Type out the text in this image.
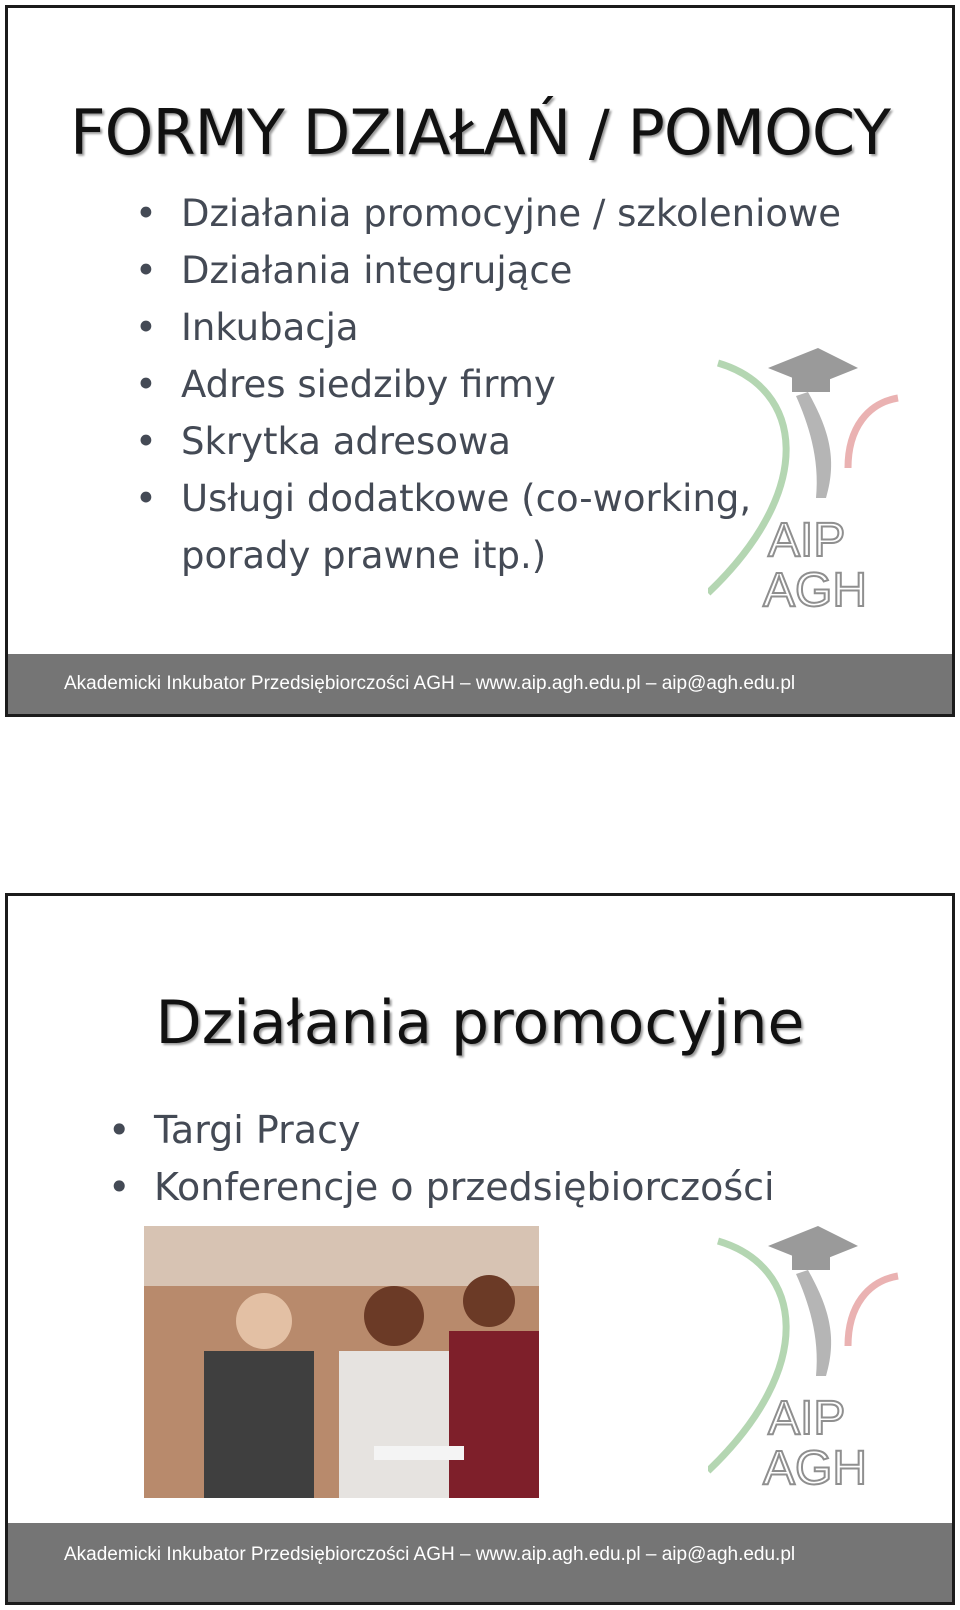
FORMY DZIAŁAŃ / POMOCY
• Działania promocyjne / szkoleniowe
• Działania integrujące
• Inkubacja
• Adres siedziby firmy
• Skrytka adresowa
• Usługi dodatkowe (co-working,
porady prawne itp.)	AIP
AGH
Akademicki Inkubator Przedsiębiorczości AGH – www.aip.agh.edu.pl – aip@agh.edu.pl
Działania promocyjne
• Targi Pracy
• Konferencje o przedsiębiorczości
AIP
AGH
Akademicki Inkubator Przedsiębiorczości AGH – www.aip.agh.edu.pl – aip@agh.edu.pl
